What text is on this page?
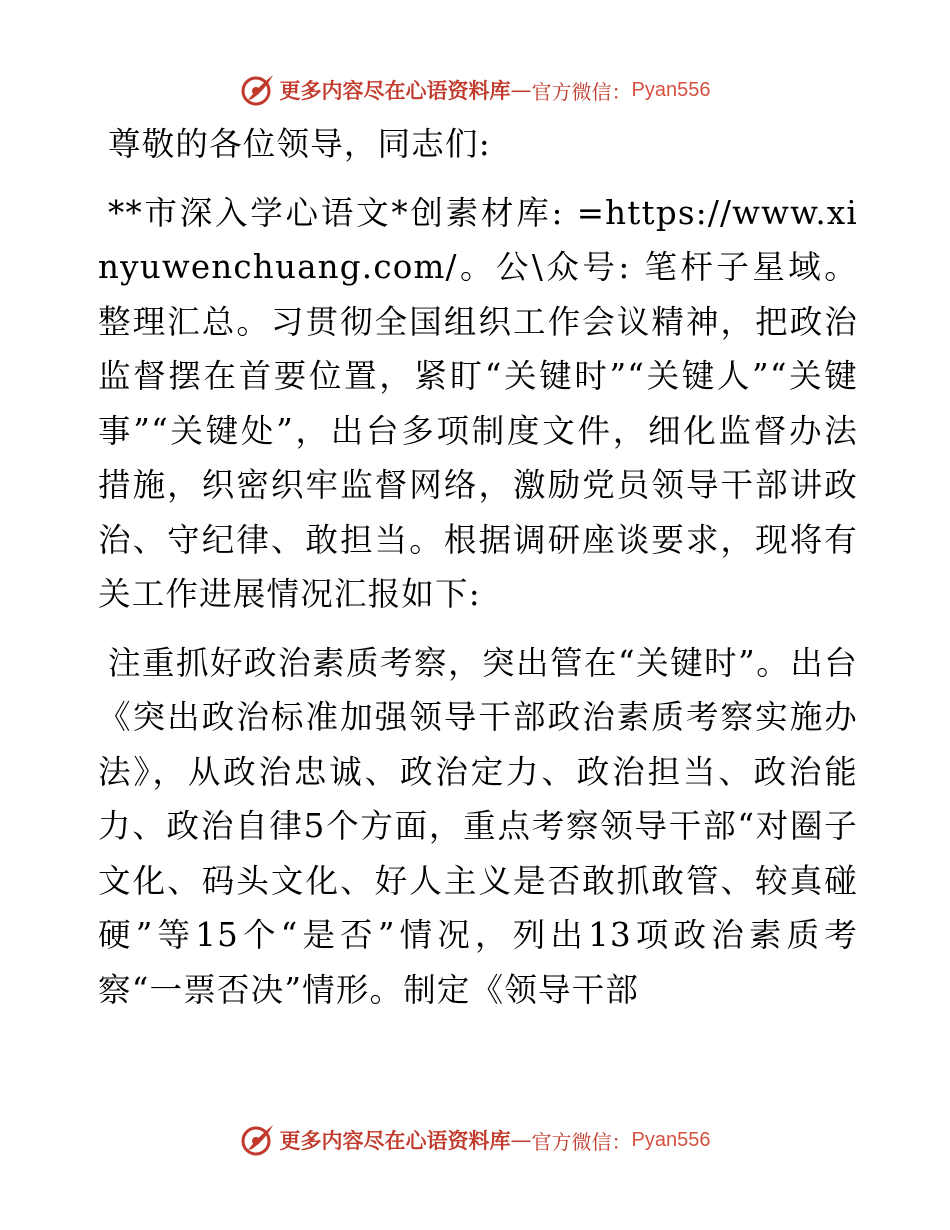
更多内容尽在心语资料库 — 官方微信： Pyan556

尊敬的各位领导，同志们:

**市深入学心语文*创素材库: =https://www.xinyuwenchuang.com/。公\众号: 笔杆子星域。整理汇总。习贯彻全国组织工作会议精神，把政治监督摆在首要位置，紧盯“关键时”“关键人”“关键事”“关键处”，出台多项制度文件，细化监督办法措施，织密织牢监督网络，激励党员领导干部讲政治、守纪律、敢担当。根据调研座谈要求，现将有关工作进展情况汇报如下:

注重抓好政治素质考察，突出管在“关键时”。出台《突出政治标准加强领导干部政治素质考察实施办法》，从政治忠诚、政治定力、政治担当、政治能力、政治自律5个方面，重点考察领导干部“对圈子文化、码头文化、好人主义是否敢抓敢管、较真碰硬”等15个“是否”情况，列出13项政治素质考察“一票否决”情形。制定《领导干部

更多内容尽在心语资料库 — 官方微信： Pyan556
